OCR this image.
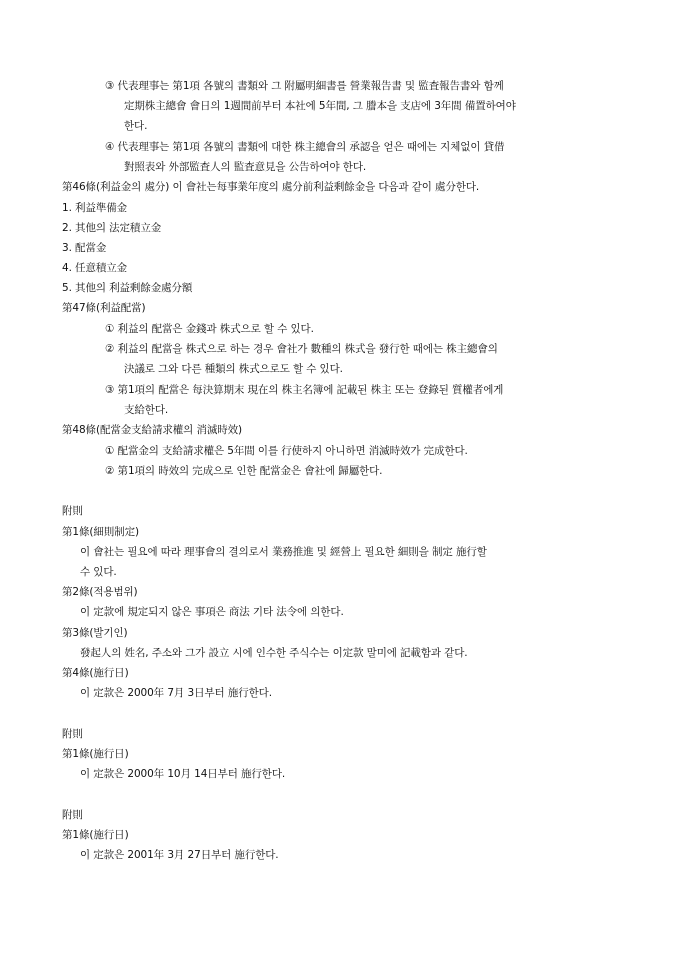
③ 代表理事는 第1項 各號의 書類와 그 附屬明細書를 營業報告書 및 監査報告書와 함께
定期株主總會 會日의 1週間前부터 本社에 5年間, 그 謄本을 支店에 3年間 備置하여야
한다.
④ 代表理事는 第1項 各號의 書類에 대한 株主總會의 承認을 얻은 때에는 지체없이 貸借
對照表와 外部監査人의 監査意見을 公告하여야 한다.
第46條(利益金의 處分) 이 會社는每事業年度의 處分前利益剩餘金을 다음과 같이 處分한다.
1. 利益準備金
2. 其他의 法定積立金
3. 配當金
4. 任意積立金
5. 其他의 利益剩餘金處分額
第47條(利益配當)
① 利益의 配當은 金錢과 株式으로 할 수 있다.
② 利益의 配當을 株式으로 하는 경우 會社가 數種의 株式을 發行한 때에는 株主總會의
決議로 그와 다른 種類의 株式으로도 할 수 있다.
③ 第1項의 配當은 每決算期末 現在의 株主名簿에 記載된 株主 또는 登錄된 質權者에게
支給한다.
第48條(配當金支給請求權의 消滅時效)
① 配當金의 支給請求權은 5年間 이를 行使하지 아니하면 消滅時效가 完成한다.
② 第1項의 時效의 完成으로 인한 配當金은 會社에 歸屬한다.
附則
第1條(細則制定)
이 會社는 필요에 따라 理事會의 결의로서 業務推進 및 經營上 필요한 細則을 制定 施行할
수 있다.
第2條(적용범위)
이 定款에 規定되지 않은 事項은 商法 기타 法令에 의한다.
第3條(발기인)
發起人의 姓名, 주소와 그가 設立 시에 인수한 주식수는 이定款 말미에 記載함과 같다.
第4條(施行日)
이 定款은 2000年 7月 3日부터 施行한다.
附則
第1條(施行日)
이 定款은 2000年 10月 14日부터 施行한다.
附則
第1條(施行日)
이 定款은 2001年 3月 27日부터 施行한다.
